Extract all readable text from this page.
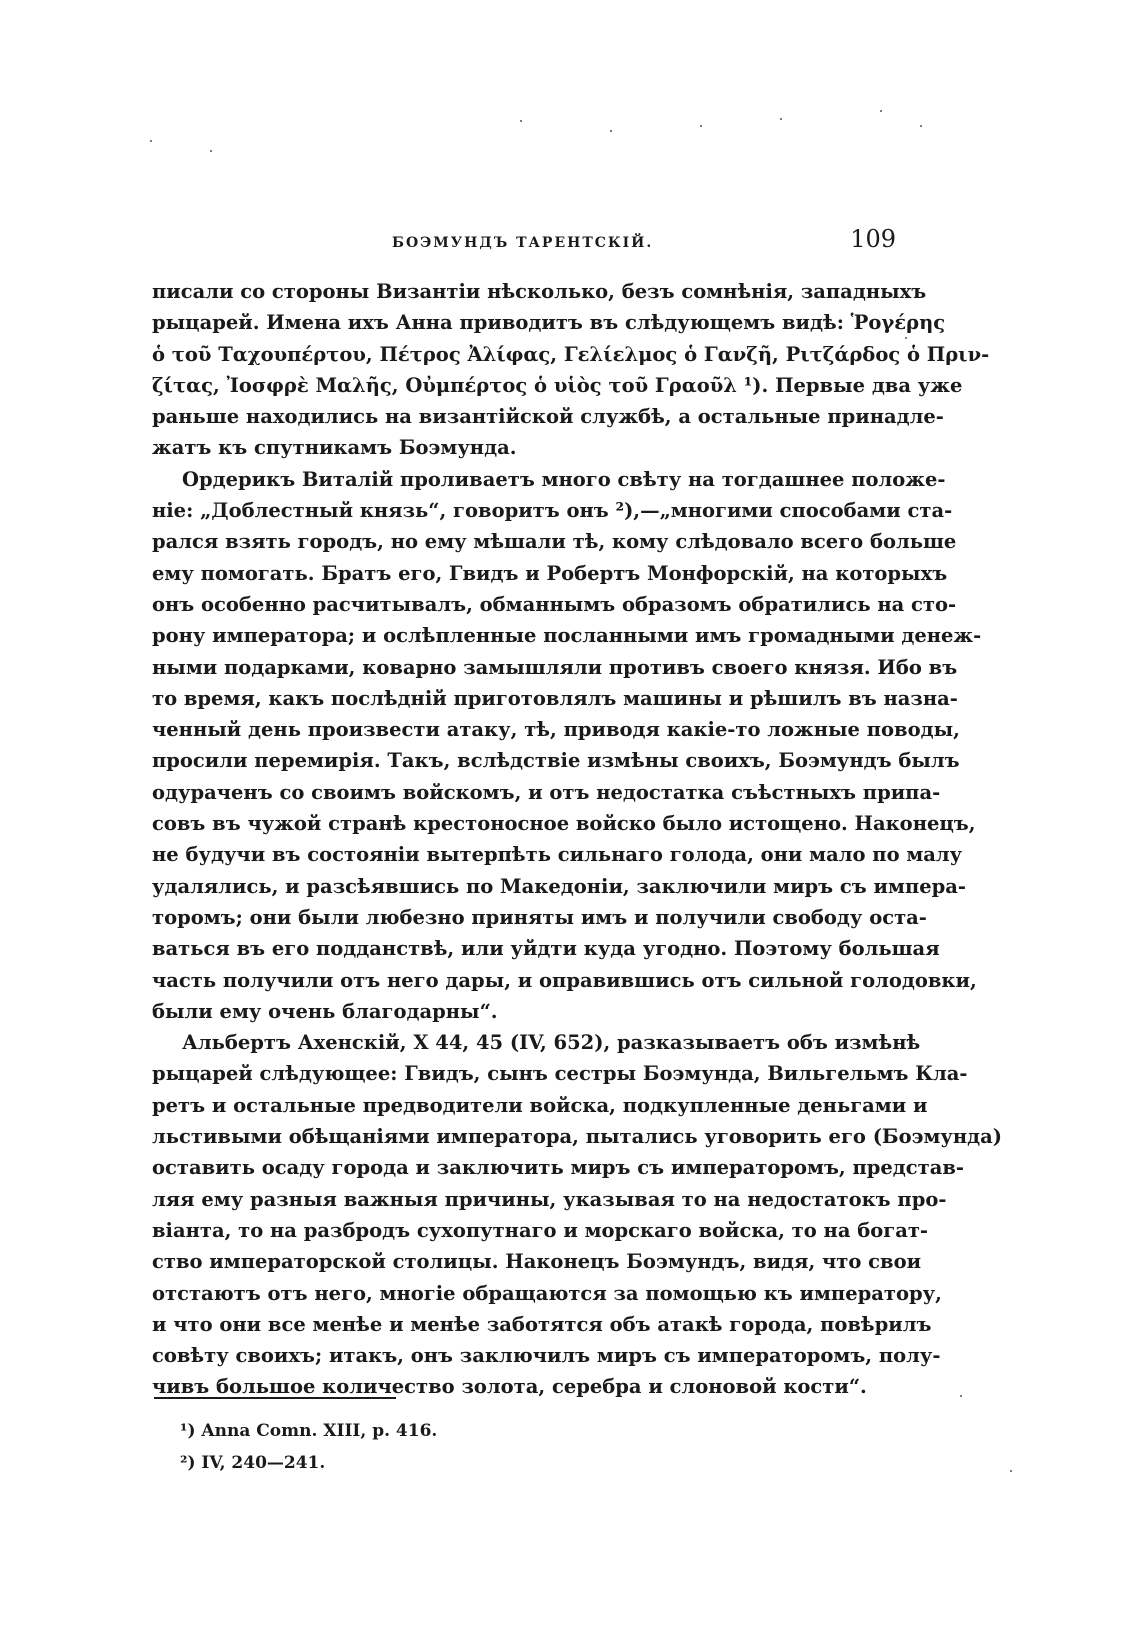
БОЭМУНДЪ ТАРЕНТСКІЙ.	109

писали со стороны Византіи нѣсколько, безъ сомнѣнія, западныхъ
рыцарей. Имена ихъ Анна приводитъ въ слѣдующемъ видѣ: Ῥογέρης
ὁ τοῦ Ταχουπέρτου, Πέτρος Ἀλίφας, Γελίελμος ὁ Γανζῆ, Ριτζάρδος ὁ Πριν-
ζίτας, Ἰοσφρὲ Μαλῆς, Οὐμπέρτος ὁ υἱὸς τοῦ Γραοῦλ ¹). Первые два уже
раньше находились на византійской службѣ, а остальные принадле-
жатъ къ спутникамъ Боэмунда.

Ордерикъ Виталій проливаетъ много свѣту на тогдашнее положе-
ніе: „Доблестный князь“, говоритъ онъ ²),—„многими способами ста-
рался взять городъ, но ему мѣшали тѣ, кому слѣдовало всего больше
ему помогать. Братъ его, Гвидъ и Робертъ Монфорскій, на которыхъ
онъ особенно расчитывалъ, обманнымъ образомъ обратились на сто-
рону императора; и ослѣпленные посланными имъ громадными денеж-
ными подарками, коварно замышляли противъ своего князя. Ибо въ
то время, какъ послѣдній приготовлялъ машины и рѣшилъ въ назна-
ченный день произвести атаку, тѣ, приводя какіе-то ложные поводы,
просили перемирія. Такъ, вслѣдствіе измѣны своихъ, Боэмундъ былъ
одураченъ со своимъ войскомъ, и отъ недостатка съѣстныхъ припа-
совъ въ чужой странѣ крестоносное войско было истощено. Наконецъ,
не будучи въ состояніи вытерпѣть сильнаго голода, они мало по малу
удалялись, и разсѣявшись по Македоніи, заключили миръ съ импера-
торомъ; они были любезно приняты имъ и получили свободу оста-
ваться въ его подданствѣ, или уйдти куда угодно. Поэтому большая
часть получили отъ него дары, и оправившись отъ сильной голодовки,
были ему очень благодарны“.

Альбертъ Ахенскій, X 44, 45 (IV, 652), разказываетъ объ измѣнѣ
рыцарей слѣдующее: Гвидъ, сынъ сестры Боэмунда, Вильгельмъ Кла-
ретъ и остальные предводители войска, подкупленные деньгами и
льстивыми обѣщаніями императора, пытались уговорить его (Боэмунда)
оставить осаду города и заключить миръ съ императоромъ, представ-
ляя ему разныя важныя причины, указывая то на недостатокъ про-
віанта, то на разбродъ сухопутнаго и морскаго войска, то на богат-
ство императорской столицы. Наконецъ Боэмундъ, видя, что свои
отстаютъ отъ него, многіе обращаются за помощью къ императору,
и что они все менѣе и менѣе заботятся объ атакѣ города, повѣрилъ
совѣту своихъ; итакъ, онъ заключилъ миръ съ императоромъ, полу-
чивъ большое количество золота, серебра и слоновой кости“.

¹) Anna Comn. XIII, p. 416.
²) IV, 240—241.
